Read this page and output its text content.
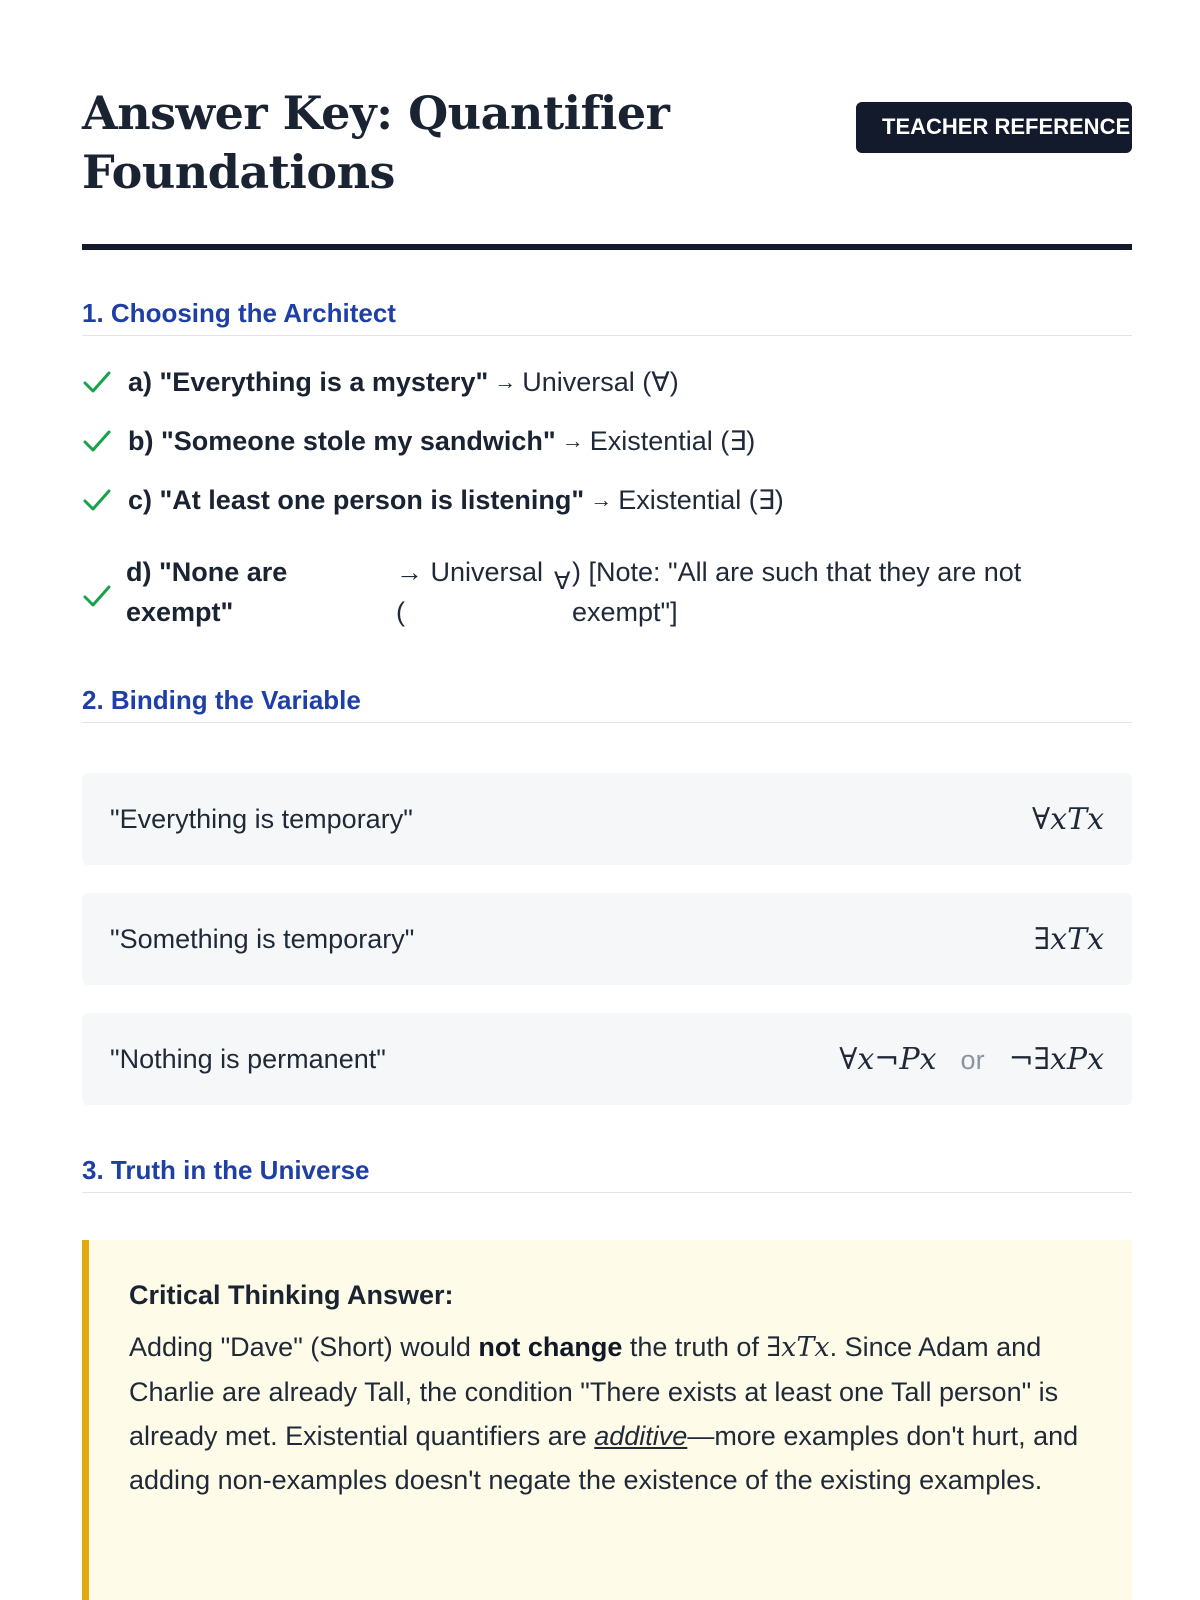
Answer Key: Quantifier Foundations
TEACHER REFERENCE
1. Choosing the Architect
a) "Everything is a mystery" → Universal (∀)
b) "Someone stole my sandwich" → Existential (∃)
c) "At least one person is listening" → Existential (∃)
d) "None are exempt"
→ Universal (
∀ ) [Note: "All are such that they are not exempt"]
2. Binding the Variable
"Everything is temporary"	∀xTx
"Something is temporary"	∃xTx
"Nothing is permanent"	∀x¬Px or ¬∃xPx
3. Truth in the Universe
Critical Thinking Answer:
Adding "Dave" (Short) would not change the truth of ∃xTx. Since Adam and Charlie are already Tall, the condition "There exists at least one Tall person" is already met. Existential quantifiers are additive—more examples don't hurt, and adding non-examples doesn't negate the existence of the existing examples.
